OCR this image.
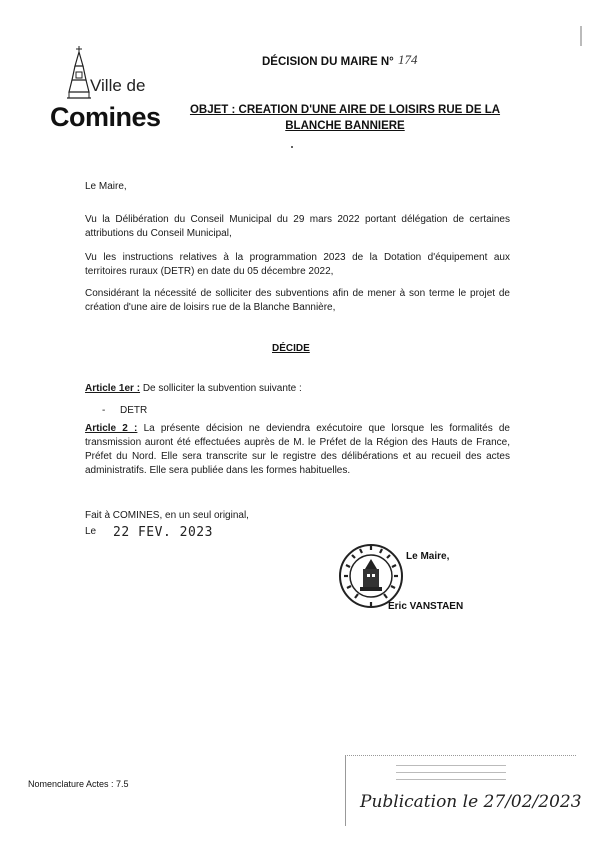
Ville de
Comines
DÉCISION DU MAIRE N° 174
OBJET : CREATION D'UNE AIRE DE LOISIRS RUE DE LA
BLANCHE BANNIERE
Le Maire,
Vu la Délibération du Conseil Municipal du 29 mars 2022 portant délégation de certaines attributions du Conseil Municipal,
Vu les instructions relatives à la programmation 2023 de la Dotation d'équipement aux territoires ruraux (DETR) en date du 05 décembre 2022,
Considérant la nécessité de solliciter des subventions afin de mener à son terme le projet de création d'une aire de loisirs rue de la Blanche Bannière,
DÉCIDE
Article 1er : De solliciter la subvention suivante :
- DETR
Article 2 : La présente décision ne deviendra exécutoire que lorsque les formalités de transmission auront été effectuées auprès de M. le Préfet de la Région des Hauts de France, Préfet du Nord. Elle sera transcrite sur le registre des délibérations et au recueil des actes administratifs. Elle sera publiée dans les formes habituelles.
Fait à COMINES, en un seul original,
Le 22 FEV. 2023
Le Maire,
Eric VANSTAEN
Nomenclature Actes : 7.5
Publication le 27/02/2023
